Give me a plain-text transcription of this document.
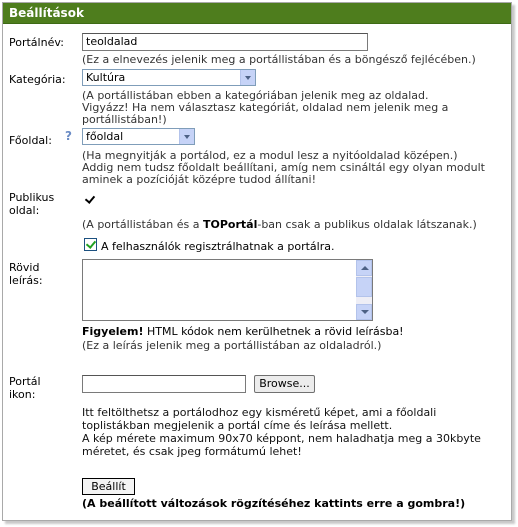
Beállítások
Portálnév:	teoldalad
(Ez a elnevezés jelenik meg a portállistában és a böngésző fejlécében.)
Kategória:	Kultúra
(A portállistában ebben a kategóriában jelenik meg az oldalad.
Vigyázz! Ha nem választasz kategóriát, oldalad nem jelenik meg a
portállistában!)
Főoldal: ?	főoldal
(Ha megnyitják a portálod, ez a modul lesz a nyitóoldalad középen.)
Addig nem tudsz főoldalt beállítani, amíg nem csináltál egy olyan modult
aminek a pozícióját középre tudod állítani!
Publikus
oldal:
(A portállistában és a TOPortál-ban csak a publikus oldalak látszanak.)
A felhasználók regisztrálhatnak a portálra.
Rövid
leírás:
Figyelem! HTML kódok nem kerülhetnek a rövid leírásba!
(Ez a leírás jelenik meg a portállistában az oldaladról.)
Portál
ikon:
Browse...
Itt feltölthetsz a portálodhoz egy kisméretű képet, ami a főoldali
toplistákban megjelenik a portál címe és leírása mellett.
A kép mérete maximum 90x70 képpont, nem haladhatja meg a 30kbyte
méretet, és csak jpeg formátumú lehet!
Beállít
(A beállított változások rögzítéséhez kattints erre a gombra!)
